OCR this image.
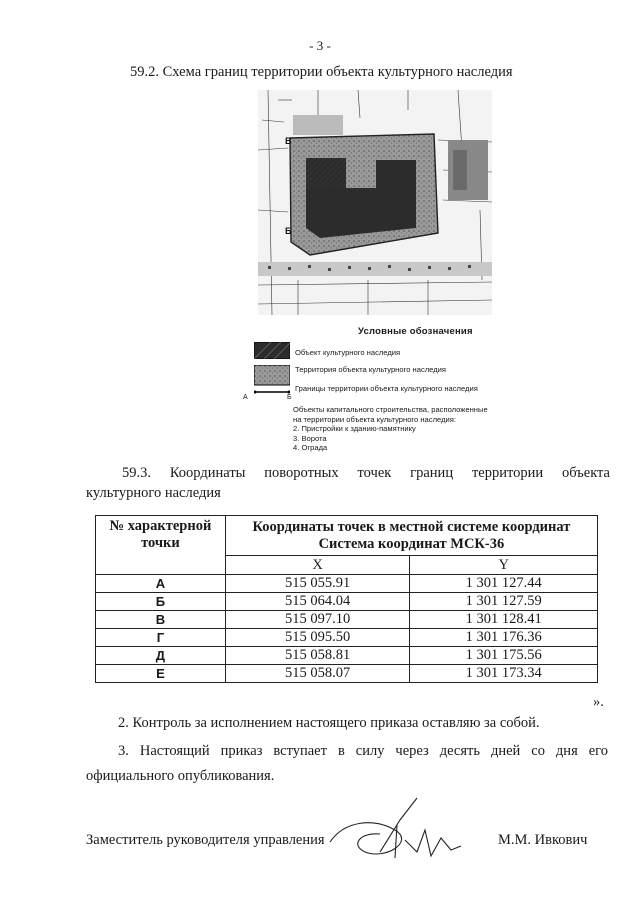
- 3 -
59.2. Схема границ территории объекта культурного наследия
В
Б
Условные обозначения
Объект культурного наследия
Территория объекта культурного наследия
Границы территории объекта культурного наследия
А	Б
Объекты капитального строительства, расположенные
на территории объекта культурного наследия:
2. Пристройки к зданию-памятнику
3. Ворота
4. Ограда
59.3. Координаты поворотных точек границ территории объекта
культурного наследия
№ характерной точки	Координаты точек в местной системе координат
Система координат МСК-36	

	X	Y
А	515 055.91	1 301 127.44
Б	515 064.04	1 301 127.59
В	515 097.10	1 301 128.41
Г	515 095.50	1 301 176.36
Д	515 058.81	1 301 175.56
Е	515 058.07	1 301 173.34
».
2. Контроль за исполнением настоящего приказа оставляю за собой.
3. Настоящий приказ вступает в силу через десять дней со дня его
официального опубликования.
Заместитель руководителя управления	М.М. Ивкович
